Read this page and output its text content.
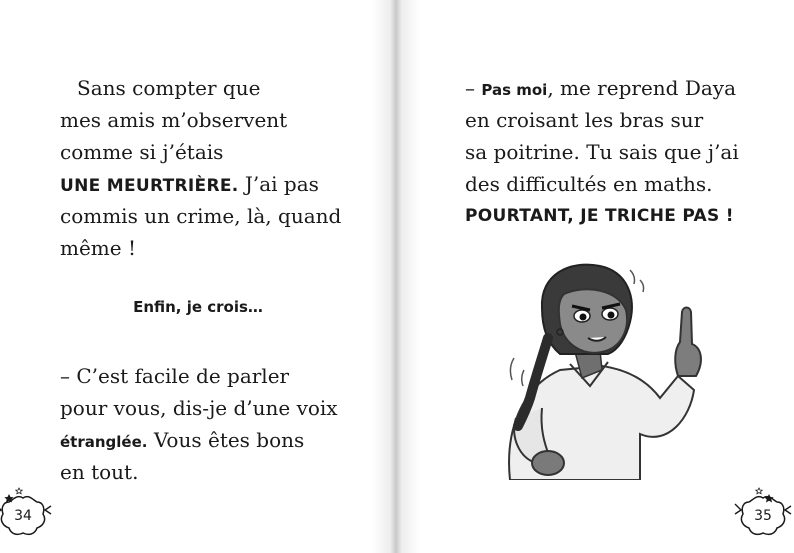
Sans compter que
mes amis m’observent
comme si j’étais
UNE MEURTRIÈRE. J’ai pas
commis un crime, là, quand
même !
Enfin, je crois…
– C’est facile de parler
pour vous, dis-je d’une voix
étranglée. Vous êtes bons
en tout.
34
– Pas moi, me reprend Daya
en croisant les bras sur
sa poitrine. Tu sais que j’ai
des difficultés en maths.
POURTANT, JE TRICHE PAS !
35
